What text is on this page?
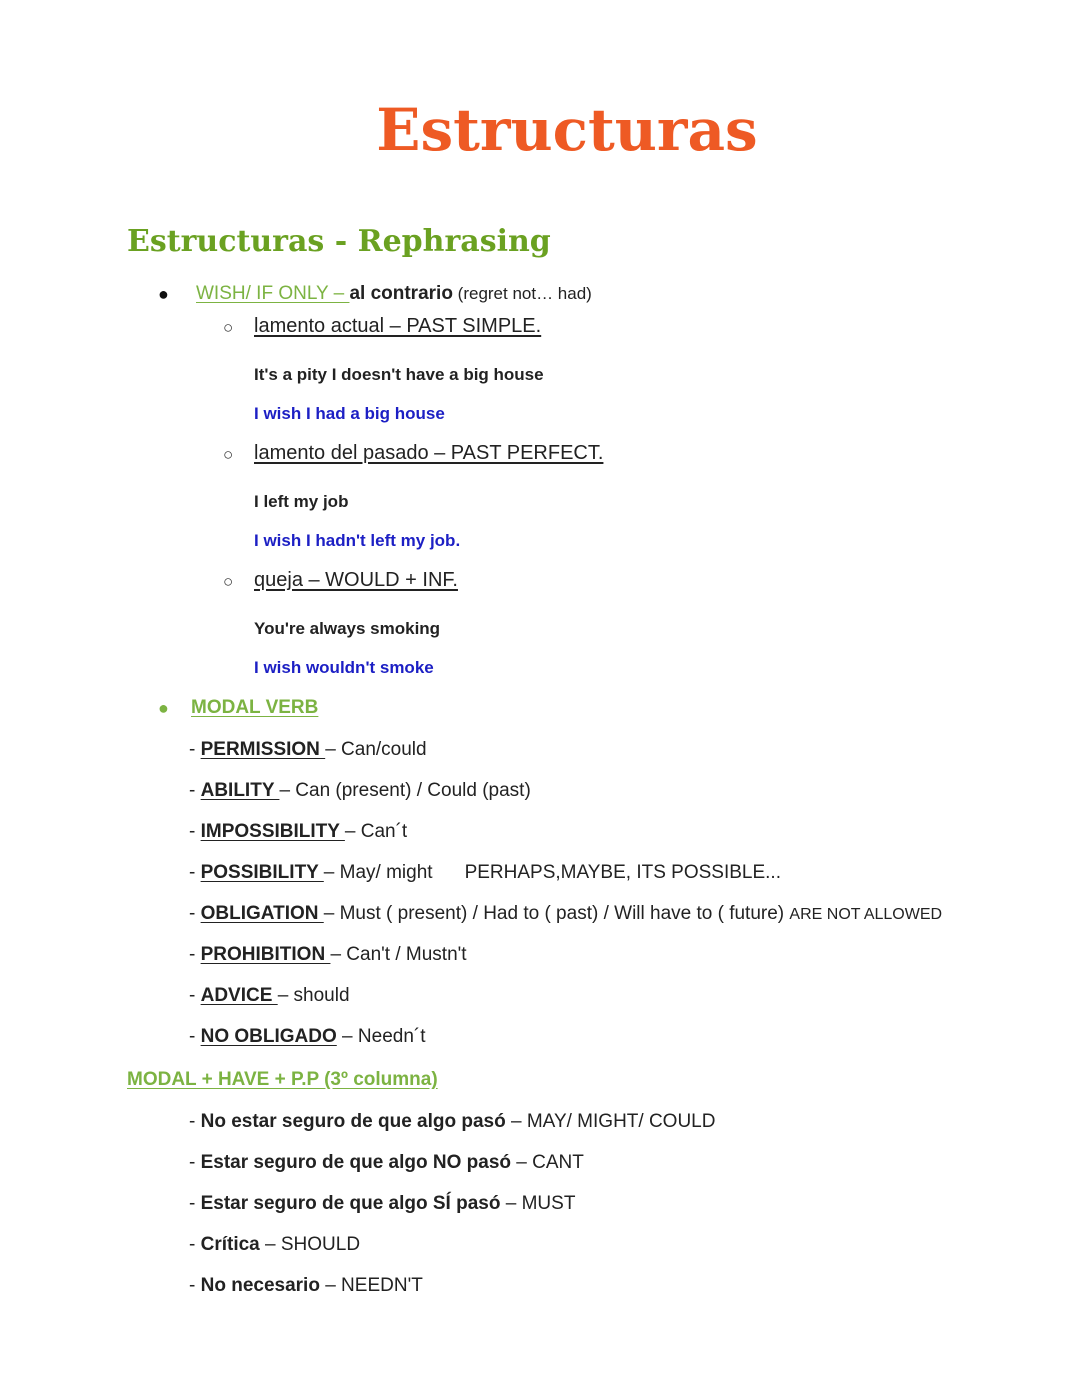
Estructuras
Estructuras - Rephrasing
● WISH/ IF ONLY – al contrario (regret not… had)
○ lamento actual – PAST SIMPLE.
It's a pity I doesn't have a big house
I wish I had a big house
○ lamento del pasado – PAST PERFECT.
I left my job
I wish I hadn't left my job.
○ queja – WOULD + INF.
You're always smoking
I wish wouldn't smoke
● MODAL VERB
- PERMISSION – Can/could
- ABILITY – Can (present) / Could (past)
- IMPOSSIBILITY – Can´t
- POSSIBILITY – May/ might PERHAPS,MAYBE, ITS POSSIBLE...
- OBLIGATION – Must ( present) / Had to ( past) / Will have to ( future) ARE NOT ALLOWED
- PROHIBITION – Can't / Mustn't
- ADVICE – should
- NO OBLIGADO – Needn´t
MODAL + HAVE + P.P (3º columna)
- No estar seguro de que algo pasó – MAY/ MIGHT/ COULD
- Estar seguro de que algo NO pasó – CANT
- Estar seguro de que algo SÍ pasó – MUST
- Crítica – SHOULD
- No necesario – NEEDN'T
